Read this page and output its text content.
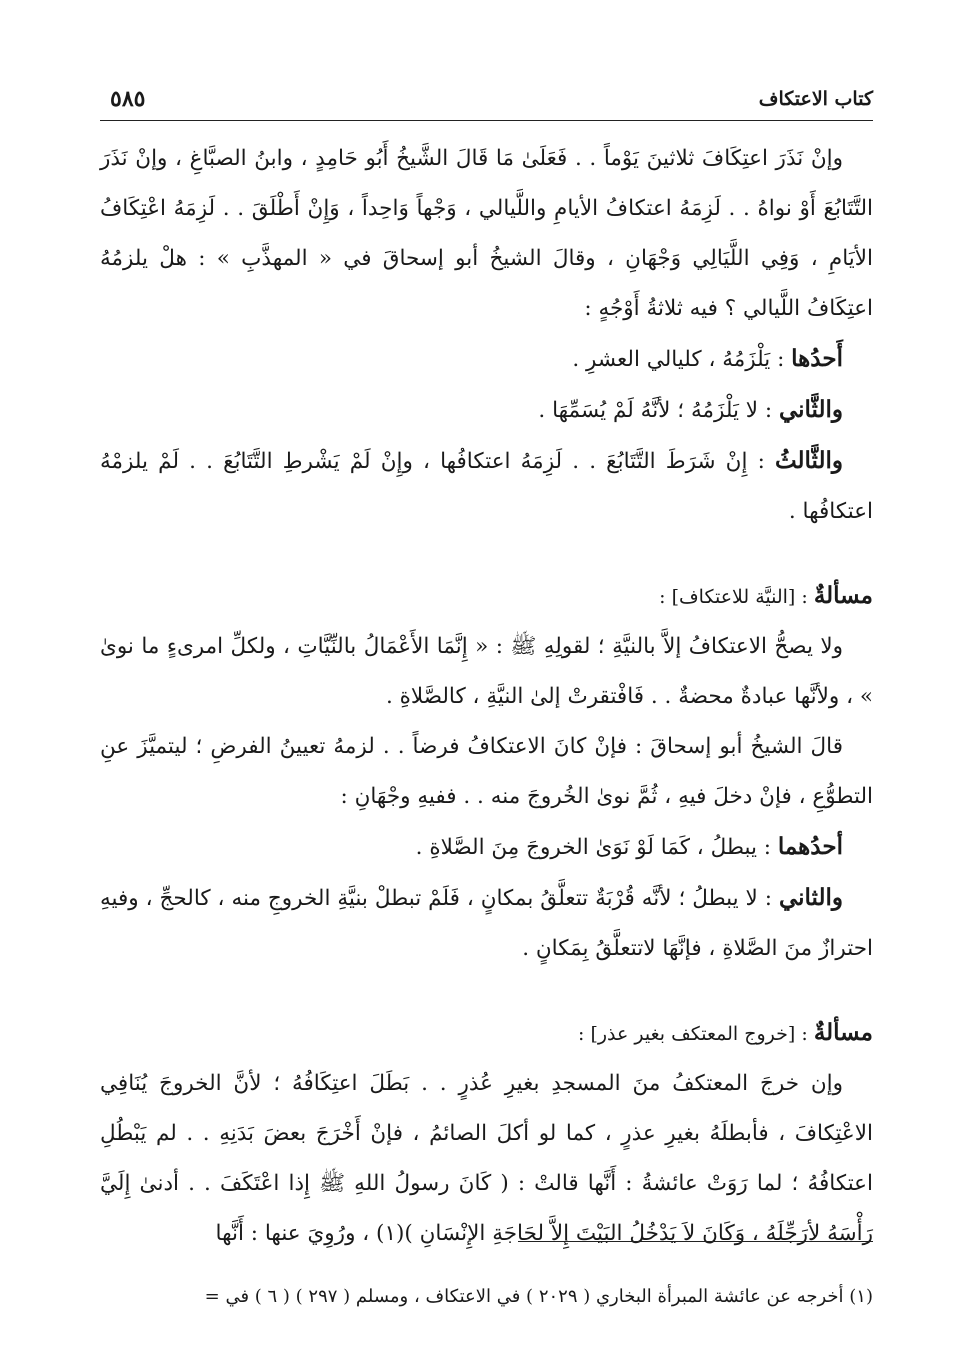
كتاب الاعتكاف
٥٨٥

وإنْ نَذَرَ اعتِكَافَ ثلاثينَ يَوْماً . . فَعَلَىٰ مَا قَالَ الشَّيخُ أَبُو حَامِدٍ ، وابنُ الصبَّاغِ ، وإنْ نَذَرَ التَّتَابُعَ أَوْ نواهُ . . لَزِمَهُ اعتكافُ الأيامِ واللَّيالي ، وَجْهاً وَاحِداً ، وَإِنْ أَطْلَقَ . . لَزِمَهُ اعْتِكَافُ الأيَامِ ، وَفِي اللَّيَالِي وَجْهَانِ ، وقالَ الشيخُ أبو إسحاقَ في « المهذَّبِ » : هلْ يلزمُهُ اعتِكَافُ اللَّيالي ؟ فيه ثلاثةُ أَوْجُهٍ :

أَحدُها : يَلْزَمُهُ ، كليالي العشرِ .

والثَّاني : لا يَلْزَمُهُ ؛ لأنَّهُ لَمْ يُسَمِّهَا .

والثَّالثُ : إِنْ شَرَطَ التَّتَابُعَ . . لَزِمَهُ اعتكافُها ، وإِنْ لَمْ يَشْرطِ التَّتَابُعَ . . لَمْ يلزمْهُ اعتكافُها .

مسألةٌ : [النيَّة للاعتكاف] :

ولا يصحُّ الاعتكافُ إلاَّ بالنيَّةِ ؛ لقولِهِ ﷺ : « إِنَّمَا الأَعْمَالُ بالنِّيَّاتِ ، ولكلِّ امرىءٍ ما نوىٰ » ، ولأنَّها عبادةٌ محضةٌ . . فَافْتقرتْ إلىٰ النيَّةِ ، كالصَّلاةِ .

قالَ الشيخُ أبو إسحاقَ : فإنْ كانَ الاعتكافُ فرضاً . . لزمهُ تعيينُ الفرضِ ؛ ليتميَّزَ عنِ التطوُّعِ ، فإنْ دخلَ فيهِ ، ثُمَّ نوىٰ الخُروجَ منه . . ففيهِ وجْهَانِ :

أحدُهما : يبطلُ ، كَمَا لَوْ نَوَىٰ الخروجَ مِنَ الصَّلاةِ .

والثاني : لا يبطلُ ؛ لأنَّه قُرْبَةٌ تتعلَّقُ بمكانٍ ، فَلَمْ تبطلْ بنيَّةِ الخروجِ منه ، كالحجِّ ، وفيهِ احترازٌ منَ الصَّلاةِ ، فإنَّهَا لاتتعلَّقُ بِمَكانٍ .

مسألةٌ : [خروج المعتكف بغير عذر] :

وإن خرجَ المعتكفُ منَ المسجدِ بغيرِ عُذرٍ . . بَطَلَ اعتِكَافُهُ ؛ لأنَّ الخروجَ يُنَافِي الاعْتِكافَ ، فأبطلَهُ بغيرِ عذرٍ ، كما لو أكلَ الصائمُ ، فإنْ أَخْرَجَ بعضَ بَدَنِهِ . . لم يَبْطُلِ اعتكافُهُ ؛ لما رَوَتْ عائشةُ : أَنَّها قالتْ : ( كَانَ رسولُ اللهِ ﷺ إِذا اعْتَكَفَ . . أدنىٰ إِلَيَّ رَأْسَهُ لأرَجِّلَهُ ، وَكَانَ لاَ يَدْخُلُ البَيْتَ إِلاَّ لحَاجَةِ الإِنْسَانِ )(١) ، ورُوِيَ عنها : أَنَّها

(١) أخرجه عن عائشة المبرأة البخاري ( ٢٠٢٩ ) في الاعتكاف ، ومسلم ( ٢٩٧ ) ( ٦ ) في =
